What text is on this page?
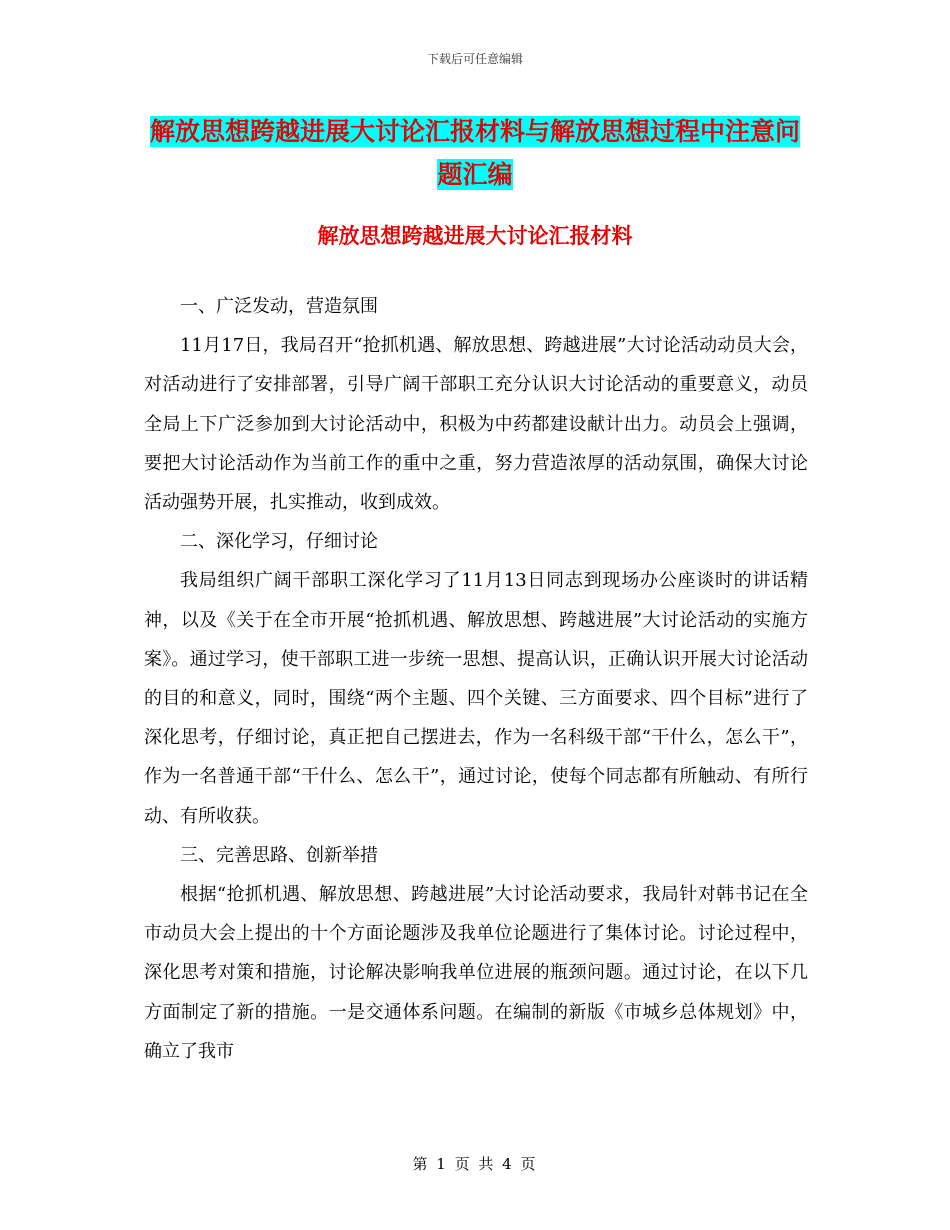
下载后可任意编辑
解放思想跨越进展大讨论汇报材料与解放思想过程中注意问题汇编
解放思想跨越进展大讨论汇报材料

一、广泛发动，营造氛围

11月17日，我局召开“抢抓机遇、解放思想、跨越进展”大讨论活动动员大会，对活动进行了安排部署，引导广阔干部职工充分认识大讨论活动的重要意义，动员全局上下广泛参加到大讨论活动中，积极为中药都建设献计出力。动员会上强调，要把大讨论活动作为当前工作的重中之重，努力营造浓厚的活动氛围，确保大讨论活动强势开展，扎实推动，收到成效。

二、深化学习，仔细讨论

我局组织广阔干部职工深化学习了11月13日同志到现场办公座谈时的讲话精神，以及《关于在全市开展“抢抓机遇、解放思想、跨越进展”大讨论活动的实施方案》。通过学习，使干部职工进一步统一思想、提高认识，正确认识开展大讨论活动的目的和意义，同时，围绕“两个主题、四个关键、三方面要求、四个目标”进行了深化思考，仔细讨论，真正把自己摆进去，作为一名科级干部“干什么，怎么干”，作为一名普通干部“干什么、怎么干”，通过讨论，使每个同志都有所触动、有所行动、有所收获。

三、完善思路、创新举措

根据“抢抓机遇、解放思想、跨越进展”大讨论活动要求，我局针对韩书记在全市动员大会上提出的十个方面论题涉及我单位论题进行了集体讨论。讨论过程中，深化思考对策和措施，讨论解决影响我单位进展的瓶颈问题。通过讨论，在以下几方面制定了新的措施。一是交通体系问题。在编制的新版《市城乡总体规划》中，确立了我市

第 1 页 共 4 页
